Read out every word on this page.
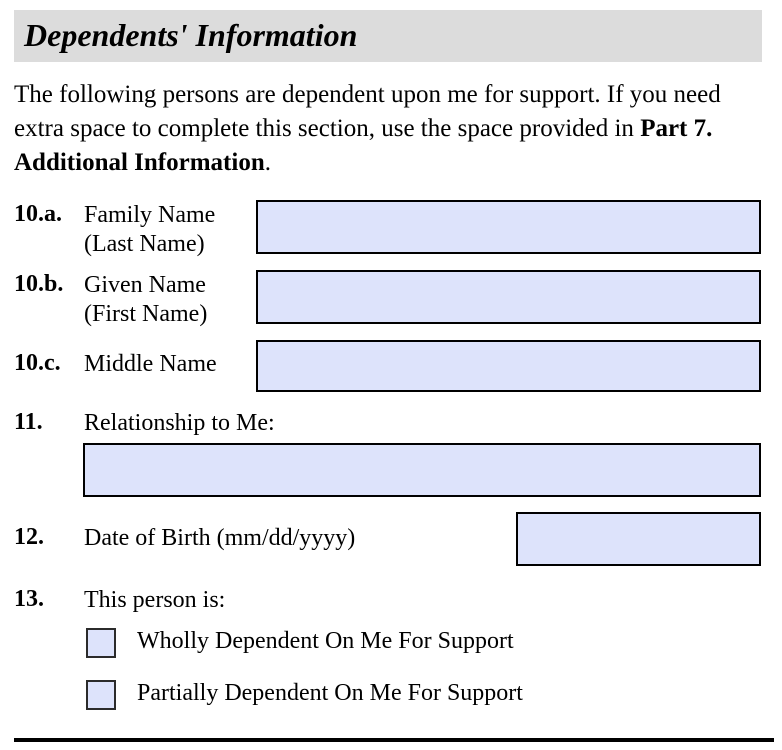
Dependents' Information
The following persons are dependent upon me for support. If you need extra space to complete this section, use the space provided in Part 7. Additional Information.
10.a. Family Name
(Last Name)
10.b. Given Name
(First Name)
10.c. Middle Name
11. Relationship to Me:
12. Date of Birth (mm/dd/yyyy)
13. This person is:
Wholly Dependent On Me For Support
Partially Dependent On Me For Support
